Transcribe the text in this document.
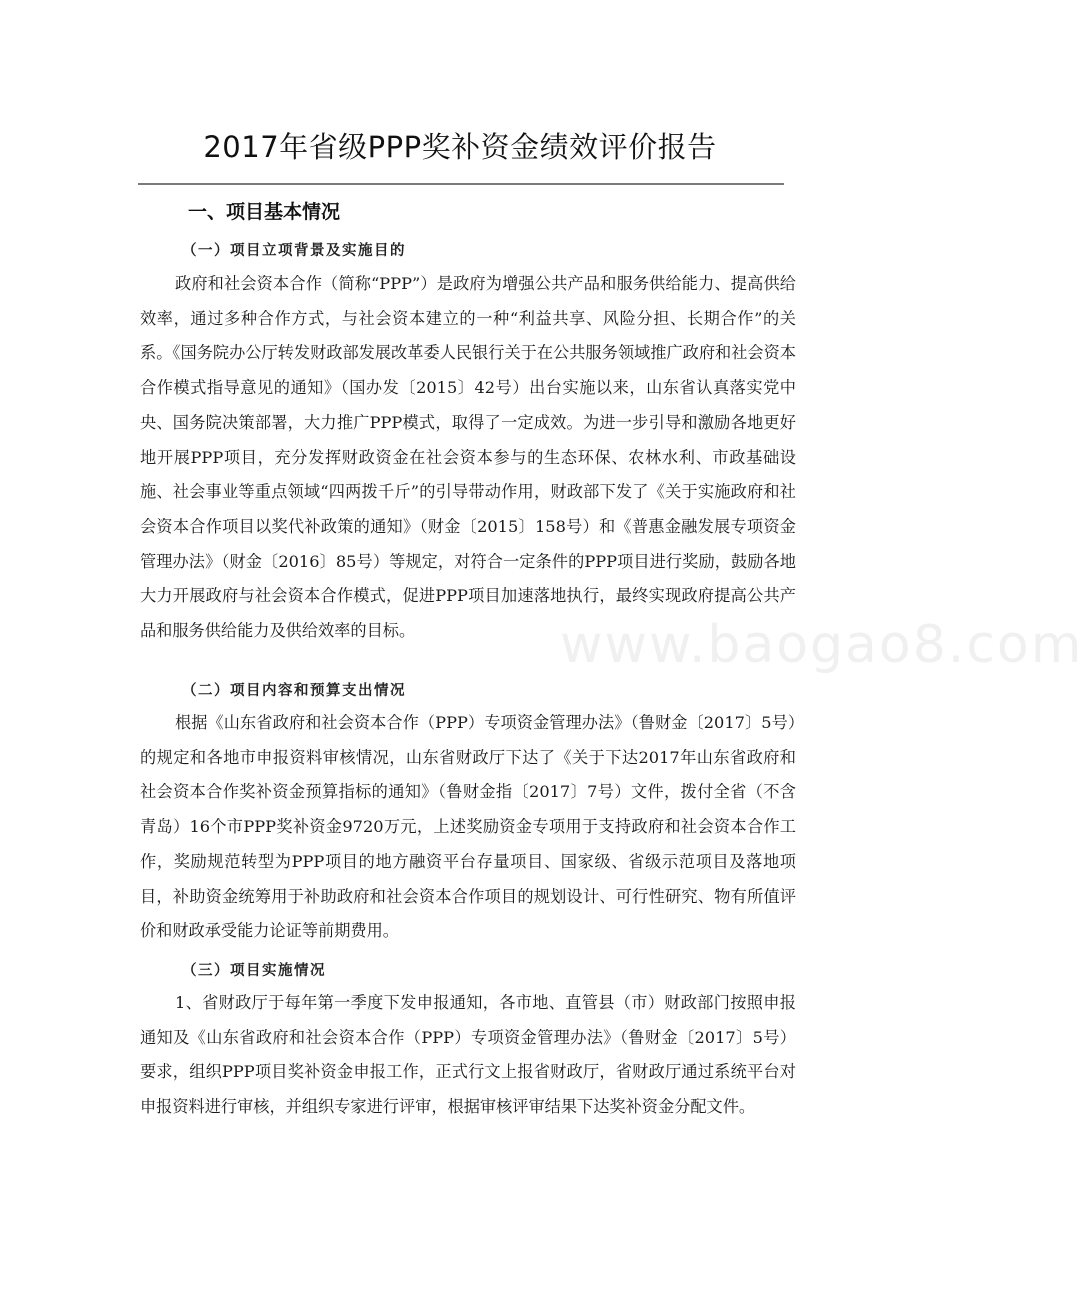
2017年省级PPP奖补资金绩效评价报告
一、项目基本情况
（一）项目立项背景及实施目的

政府和社会资本合作（简称“PPP”）是政府为增强公共产品和服务供给能力、提高供给效率，通过多种合作方式，与社会资本建立的一种“利益共享、风险分担、长期合作”的关系。《国务院办公厅转发财政部发展改革委人民银行关于在公共服务领域推广政府和社会资本合作模式指导意见的通知》（国办发〔2015〕42号）出台实施以来，山东省认真落实党中央、国务院决策部署，大力推广PPP模式，取得了一定成效。为进一步引导和激励各地更好地开展PPP项目，充分发挥财政资金在社会资本参与的生态环保、农林水利、市政基础设施、社会事业等重点领域“四两拨千斤”的引导带动作用，财政部下发了《关于实施政府和社会资本合作项目以奖代补政策的通知》（财金〔2015〕158号）和《普惠金融发展专项资金管理办法》（财金〔2016〕85号）等规定，对符合一定条件的PPP项目进行奖励，鼓励各地大力开展政府与社会资本合作模式，促进PPP项目加速落地执行，最终实现政府提高公共产品和服务供给能力及供给效率的目标。

（二）项目内容和预算支出情况

根据《山东省政府和社会资本合作（PPP）专项资金管理办法》（鲁财金〔2017〕5号）的规定和各地市申报资料审核情况，山东省财政厅下达了《关于下达2017年山东省政府和社会资本合作奖补资金预算指标的通知》（鲁财金指〔2017〕7号）文件，拨付全省（不含青岛）16个市PPP奖补资金9720万元，上述奖励资金专项用于支持政府和社会资本合作工作，奖励规范转型为PPP项目的地方融资平台存量项目、国家级、省级示范项目及落地项目，补助资金统筹用于补助政府和社会资本合作项目的规划设计、可行性研究、物有所值评价和财政承受能力论证等前期费用。

（三）项目实施情况

1、省财政厅于每年第一季度下发申报通知，各市地、直管县（市）财政部门按照申报通知及《山东省政府和社会资本合作（PPP）专项资金管理办法》（鲁财金〔2017〕5号）要求，组织PPP项目奖补资金申报工作，正式行文上报省财政厅，省财政厅通过系统平台对申报资料进行审核，并组织专家进行评审，根据审核评审结果下达奖补资金分配文件。

www.baogao8.com
